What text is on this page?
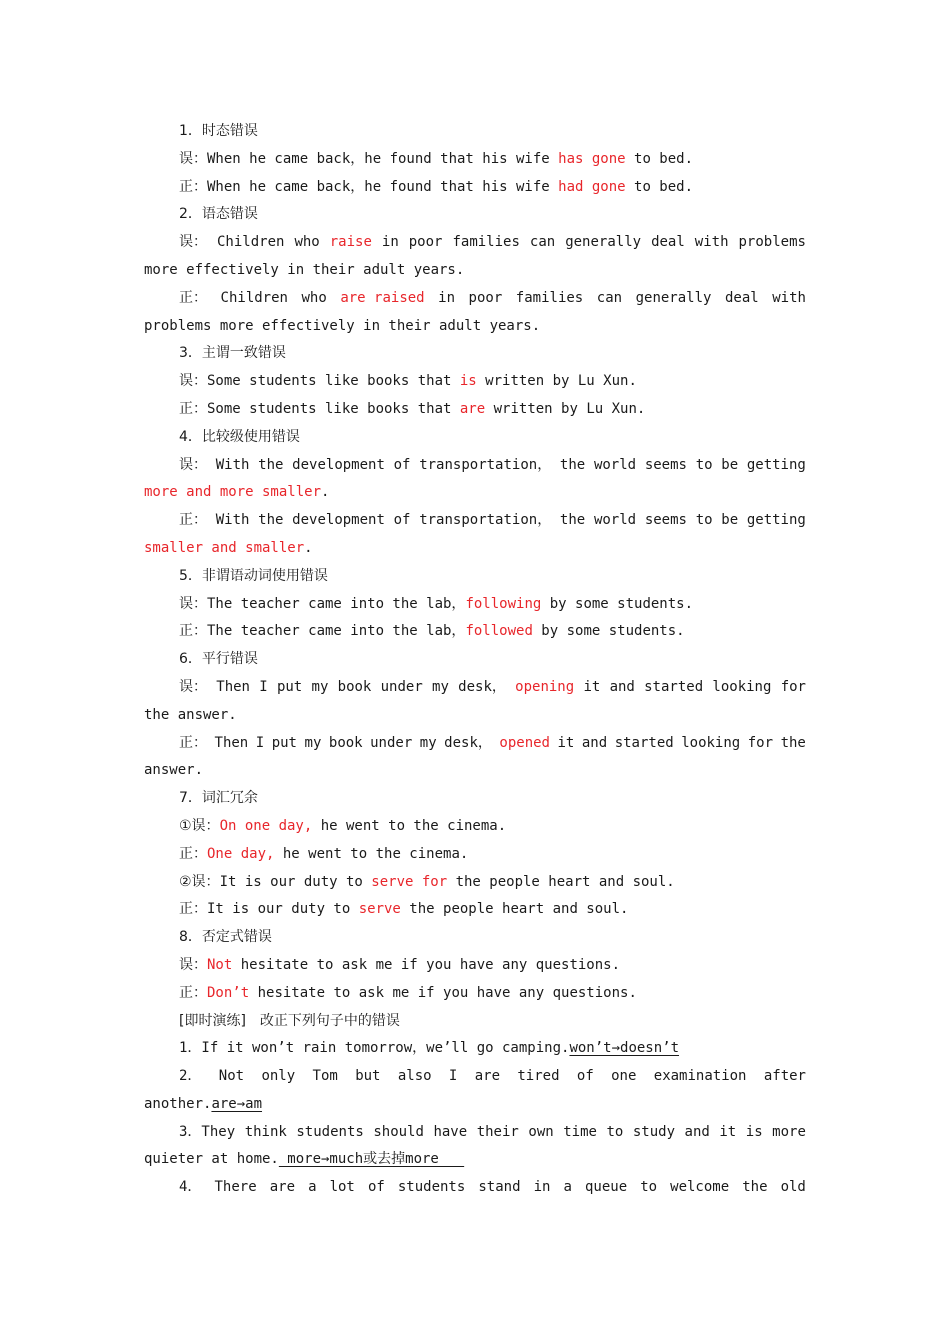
1．时态错误
误：When he came back，he found that his wife has gone to bed.
正：When he came back，he found that his wife had gone to bed.
2．语态错误
误： Children who raise in poor families can generally deal with problems
more effectively in their adult years.
正： Children who are raised in poor families can generally deal with
problems more effectively in their adult years.
3．主谓一致错误
误：Some students like books that is written by Lu Xun.
正：Some students like books that are written by Lu Xun.
4．比较级使用错误
误： With the development of transportation， the world seems to be getting
more and more smaller.
正： With the development of transportation， the world seems to be getting
smaller and smaller.
5．非谓语动词使用错误
误：The teacher came into the lab，following by some students.
正：The teacher came into the lab，followed by some students.
6．平行错误
误： Then I put my book under my desk， opening it and started looking for
the answer.
正： Then I put my book under my desk， opened it and started looking for the
answer.
7．词汇冗余
①误：On one day, he went to the cinema.
正：One day, he went to the cinema.
②误：It is our duty to serve for the people heart and soul.
正：It is our duty to serve the people heart and soul.
8．否定式错误
误：Not hesitate to ask me if you have any questions.
正：Don’t hesitate to ask me if you have any questions.
[即时演练]　改正下列句子中的错误
1．If it won’t rain tomorrow，we’ll go camping.won’t→doesn’t
2． Not only Tom but also I are tired of one examination after
another.are→am
3．They think students should have their own time to study and it is more
quieter at home. more→much或去掉more
4． There are a lot of students stand in a queue to welcome the old
